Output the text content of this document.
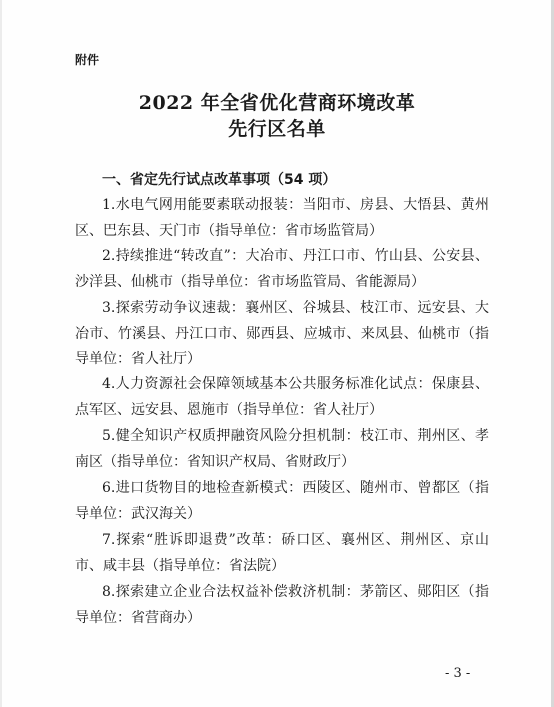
附件
2022 年全省优化营商环境改革
先行区名单
一、省定先行试点改革事项（54 项）
1.水电气网用能要素联动报装：当阳市、房县、大悟县、黄州区、巴东县、天门市（指导单位：省市场监管局）
2.持续推进“转改直”：大冶市、丹江口市、竹山县、公安县、沙洋县、仙桃市（指导单位：省市场监管局、省能源局）
3.探索劳动争议速裁：襄州区、谷城县、枝江市、远安县、大冶市、竹溪县、丹江口市、郧西县、应城市、来凤县、仙桃市（指导单位：省人社厅）
4.人力资源社会保障领域基本公共服务标准化试点：保康县、点军区、远安县、恩施市（指导单位：省人社厅）
5.健全知识产权质押融资风险分担机制：枝江市、荆州区、孝南区（指导单位：省知识产权局、省财政厅）
6.进口货物目的地检查新模式：西陵区、随州市、曾都区（指导单位：武汉海关）
7.探索“胜诉即退费”改革：硚口区、襄州区、荆州区、京山市、咸丰县（指导单位：省法院）
8.探索建立企业合法权益补偿救济机制：茅箭区、郧阳区（指导单位：省营商办）
- 3 -
